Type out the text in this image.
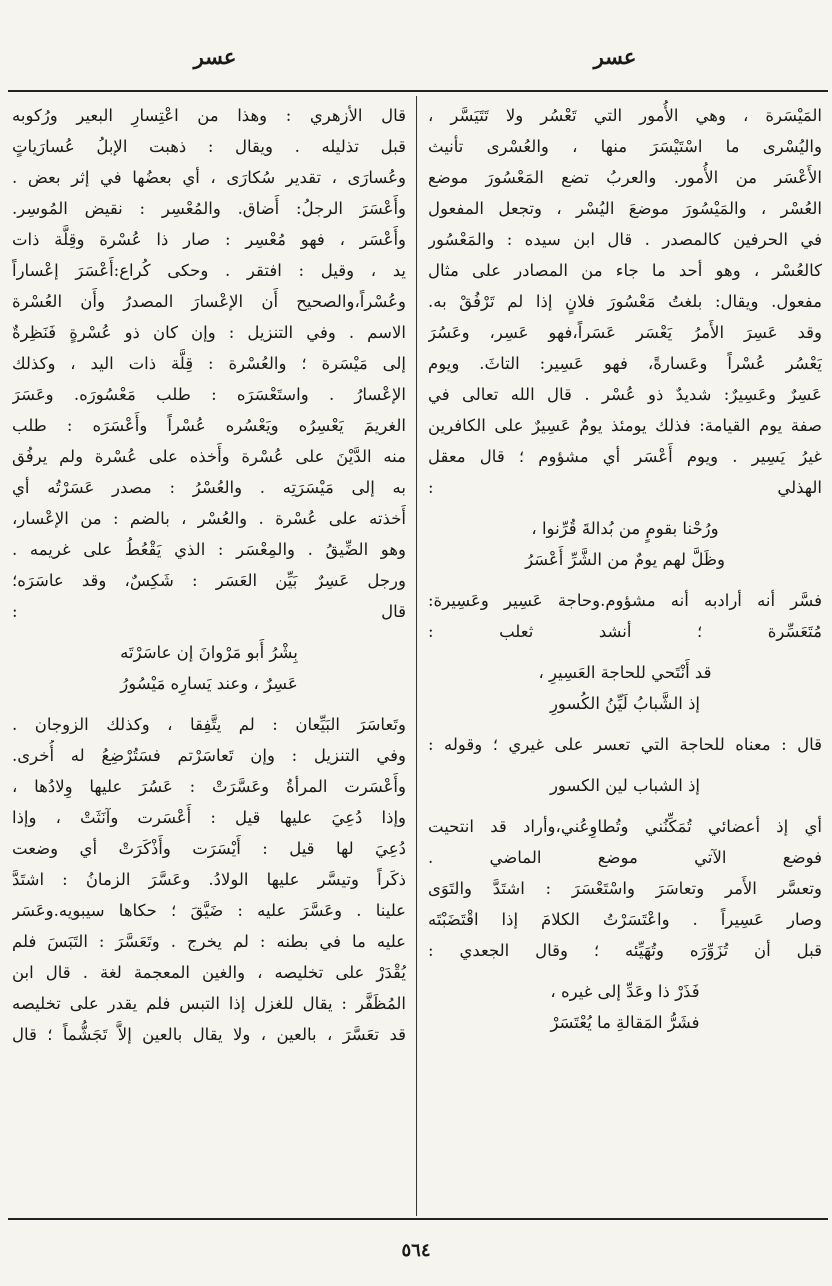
عسر	عسر
المَيْسَرة ، وهي الأُمور التي تَعْسُر ولا تَتَيَسَّر ،
واليُسْرى ما اسْتَيْسَرَ منها ، والعُسْرى تأنيث
الأَعْسَر من الأُمور. والعربُ تضع المَعْسُورَ موضع
العُسْر ، والمَيْسُورَ موضعَ اليُسْر ، وتجعل المفعول
في الحرفين كالمصدر . قال ابن سيده : والمَعْسُور
كالعُسْر ، وهو أحد ما جاء من المصادر على مثال
مفعول. ويقال: بلغتُ مَعْسُورَ فلانٍ إذا لم تَرْفُقْ به.
وقد عَسِرَ الأَمرُ يَعْسَر عَسَراً،فهو عَسِر، وعَسُرَ
يَعْسُر عُسْراً وعَسارةً، فهو عَسِير: التاثَ. ويوم
عَسِرٌ وعَسِيرٌ: شديدٌ ذو عُسْر . قال الله تعالى في
صفة يوم القيامة: فذلك يومئذ يومٌ عَسِيرٌ على الكافرين
غيرُ يَسِير . ويوم أَعْسَر أي مشؤوم ؛ قال معقل
الهذلي :
ورُحْنا بقومٍ من بُدالةَ قُرِّنوا ،
وظَلَّ لهم يومٌ من الشَّرِّ أَعْسَرُ
فسَّر أنه أرادبه أنه مشؤوم.وحاجة عَسِير وعَسِيرة:
مُتَعَسِّرة ؛ أنشد ثعلب :
قد أَنْتَحي للحاجة العَسِيرِ ،
إذ الشَّبابُ لَيِّنُ الكُسورِ
قال : معناه للحاجة التي تعسر على غيري ؛ وقوله :
إذ الشباب لين الكسور
أي إذ أعضائي تُمَكِّنُني وتُطاوِعُني،وأراد قد انتحيت
فوضع الآتي موضع الماضي .
وتعسَّر الأَمر وتعاسَرَ واسْتَعْسَرَ : اشتَدَّ والتَوَى
وصار عَسِيراً . واعْتَسَرْتُ الكلامَ إذا اقْتَضَبْتَه
قبل أن تُزَوِّرَه وتُهَيِّئه ؛ وقال الجعدي :
فَذَرْ ذا وعَدِّ إلى غيره ،
فشَرُّ المَقالةِ ما يُعْتَسَرْ
قال الأزهري : وهذا من اعْتِسارِ البعير ورُكوبه
قبل تذليله . ويقال : ذهبت الإبلُ عُسارَياتٍ
وعُسارَى ، تقدير سُكارَى ، أي بعضُها في إثر بعض .
وأَعْسَرَ الرجلُ: أَضاق. والمُعْسِر : نقيض المُوسِر.
وأَعْسَر ، فهو مُعْسِر : صار ذا عُسْرة وقِلَّة ذات
يد ، وقيل : افتقر . وحكى كُراع:أَعْسَرَ إعْساراً
وعُسْراً،والصحيح أَن الإعْسارَ المصدرُ وأَن العُسْرة
الاسم . وفي التنزيل : وإن كان ذو عُسْرةٍ فَنَظِرةٌ
إلى مَيْسَرة ؛ والعُسْرة : قِلَّة ذات اليد ، وكذلك
الإعْسارُ . واستَعْسَرَه : طلب مَعْسُورَه. وعَسَرَ
الغريمَ يَعْسِرُه ويَعْسُره عُسْراً وأَعْسَرَه : طلب
منه الدَّيْنَ على عُسْرة وأَخذه على عُسْرة ولم يرفُق
به إلى مَيْسَرَتِه . والعُسْرُ : مصدر عَسَرْتُه أي
أَخذته على عُسْرة . والعُسْر ، بالضم : من الإعْسار،
وهو الضِّيقُ . والمِعْسَر : الذي يَقْعُطُ على غريمه .
ورجل عَسِرٌ بَيِّن العَسَر : شَكِسٌ، وقد عاسَرَه؛
قال :
بِشْرُ أَبو مَرْوانَ إن عاسَرْتَه
عَسِرٌ ، وعند يَسارِه مَيْسُورُ
وتَعاسَرَ البَيِّعان : لم يتَّفِقا ، وكذلك الزوجان .
وفي التنزيل : وإن تَعاسَرْتم فسَتُرْضِعُ له أُخرى.
وأَعْسَرت المرأةُ وعَسَّرَتْ : عَسُرَ عليها وِلادُها ،
وإذا دُعِيَ عليها قيل : أَعْسَرت وآنَثَتْ ، وإذا
دُعِيَ لها قيل : أَيْسَرَت وأَذْكَرَتْ أي وضعت
ذكَراً وتيسَّر عليها الولادُ. وعَسَّرَ الزمانُ : اشتَدَّ
علينا . وعَسَّرَ عليه : ضَيَّقَ ؛ حكاها سيبويه.وعَسَر
عليه ما في بطنه : لم يخرج . وتَعَسَّرَ : التَبَسَ فلم
يُقْدَرْ على تخليصه ، والغين المعجمة لغة . قال ابن
المُظَفَّر : يقال للغزل إذا التبس فلم يقدر على تخليصه
قد تعَسَّرَ ، بالعين ، ولا يقال بالعين إلاَّ تَجَشُّماً ؛ قال
٥٦٤
